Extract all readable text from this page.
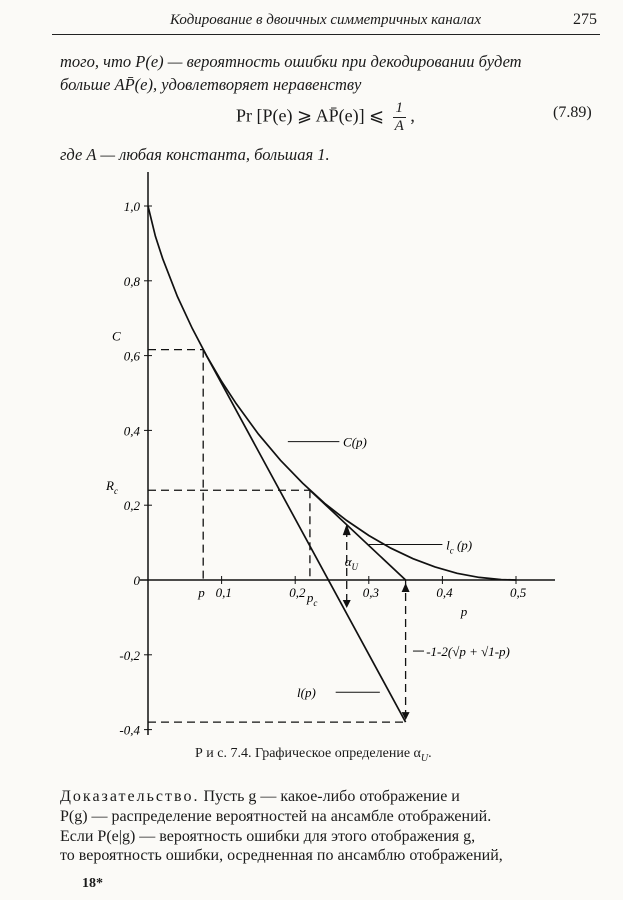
Кодирование в двоичных симметричных каналах	275
того, что P(e) — вероятность ошибки при декодировании будет
больше AP̄(e), удовлетворяет неравенству
Pr [P(e) ⩾ AP̄(e)] ⩽ $\frac{1}{A}$ ,	(7.89)
где A — любая константа, большая 1.
1,0
0,8
0,6
0,4
0,2
0
-0,2
-0,4
0,1	0,2	0,3	0,4	0,5
C(p)
$l_c$ (p)
l(p)
-1-2(√p + √1-p)
p	$p_c$
C
$R_c$
$\alpha_U$
p
Р и с. 7.4. Графическое определение $\alpha_U$.
Доказательство. Пусть g — какое-либо отображение и
P(g) — распределение вероятностей на ансамбле отображений.
Если P(e|g) — вероятность ошибки для этого отображения g,
то вероятность ошибки, осредненная по ансамблю отображений,
18*
